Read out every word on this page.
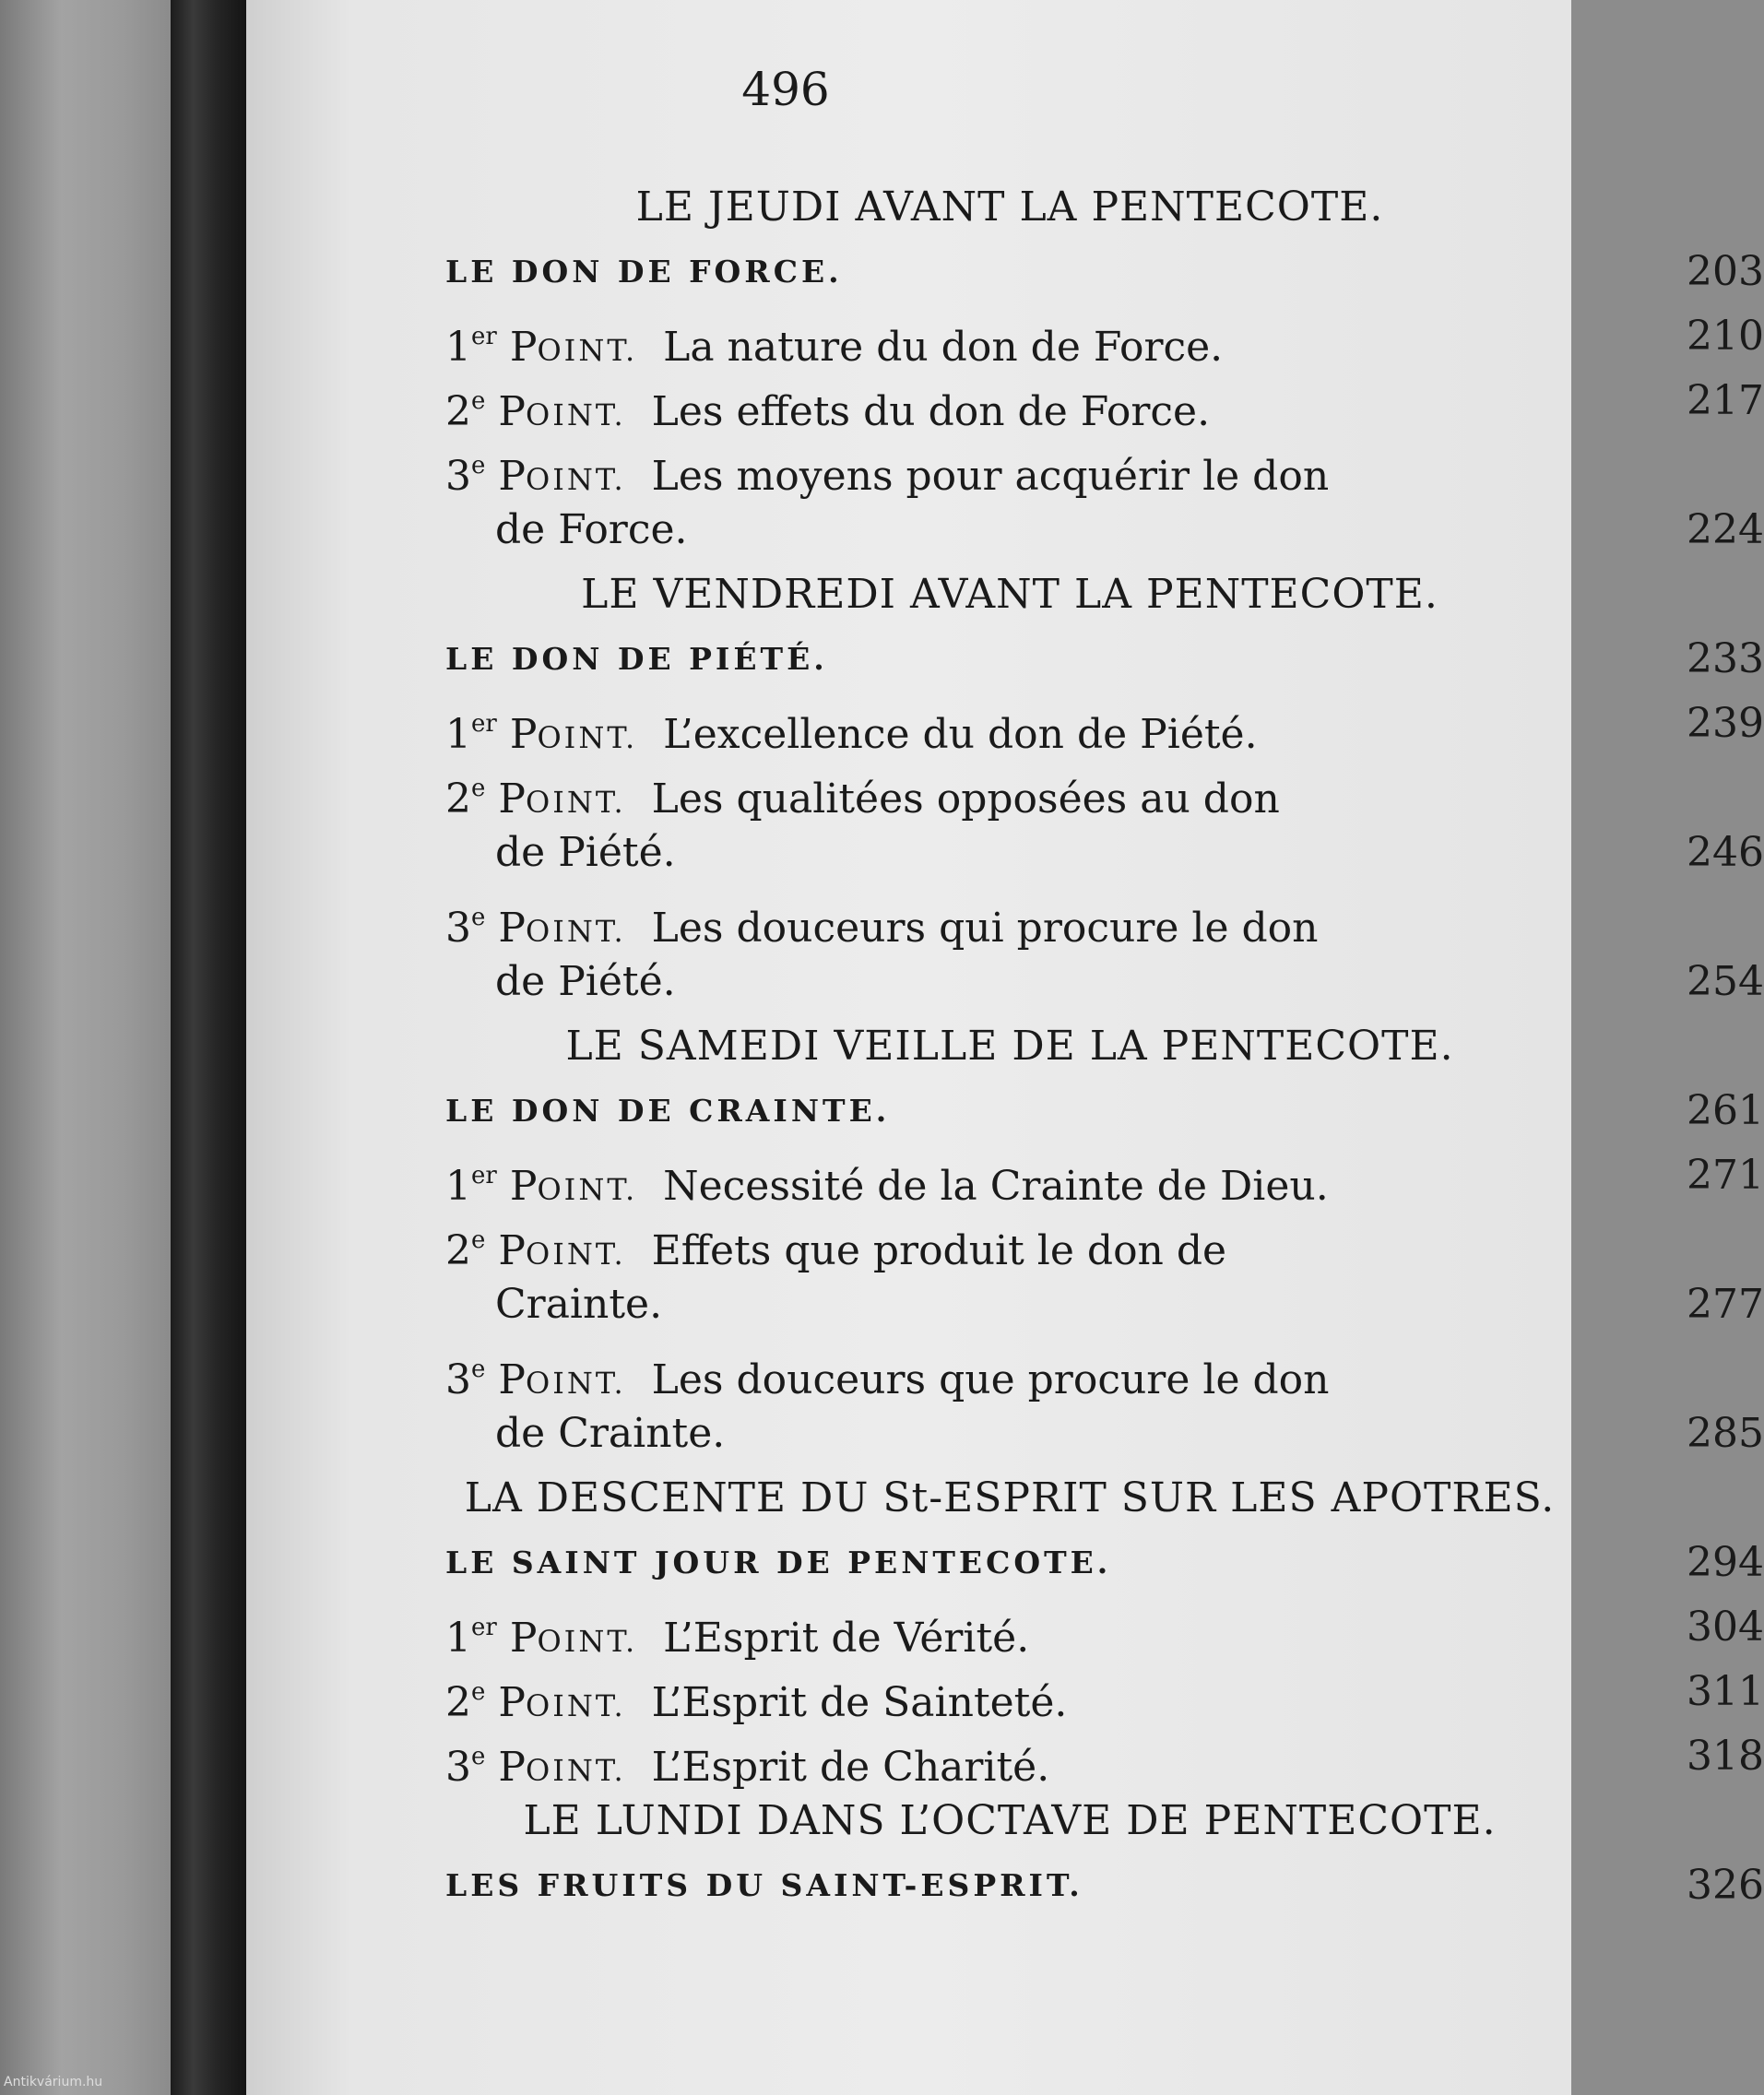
496
LE JEUDI AVANT LA PENTECOTE.
LE DON DE FORCE.	203
1er POINT. La nature du don de Force.	210
2e POINT. Les effets du don de Force.	217
3e POINT. Les moyens pour acquérir le don
de Force.	224
LE VENDREDI AVANT LA PENTECOTE.
LE DON DE PIÉTÉ.	233
1er POINT. L’excellence du don de Piété.	239
2e POINT. Les qualitées opposées au don
de Piété.	246
3e POINT. Les douceurs qui procure le don
de Piété.	254
LE SAMEDI VEILLE DE LA PENTECOTE.
LE DON DE CRAINTE.	261
1er POINT. Necessité de la Crainte de Dieu.	271
2e POINT. Effets que produit le don de
Crainte.	277
3e POINT. Les douceurs que procure le don
de Crainte.	285
LA DESCENTE DU St-ESPRIT SUR LES APOTRES.
LE SAINT JOUR DE PENTECOTE.	294
1er POINT. L’Esprit de Vérité.	304
2e POINT. L’Esprit de Sainteté.	311
3e POINT. L’Esprit de Charité.	318
LE LUNDI DANS L’OCTAVE DE PENTECOTE.
LES FRUITS DU SAINT-ESPRIT.	326
Antikvárium.hu
